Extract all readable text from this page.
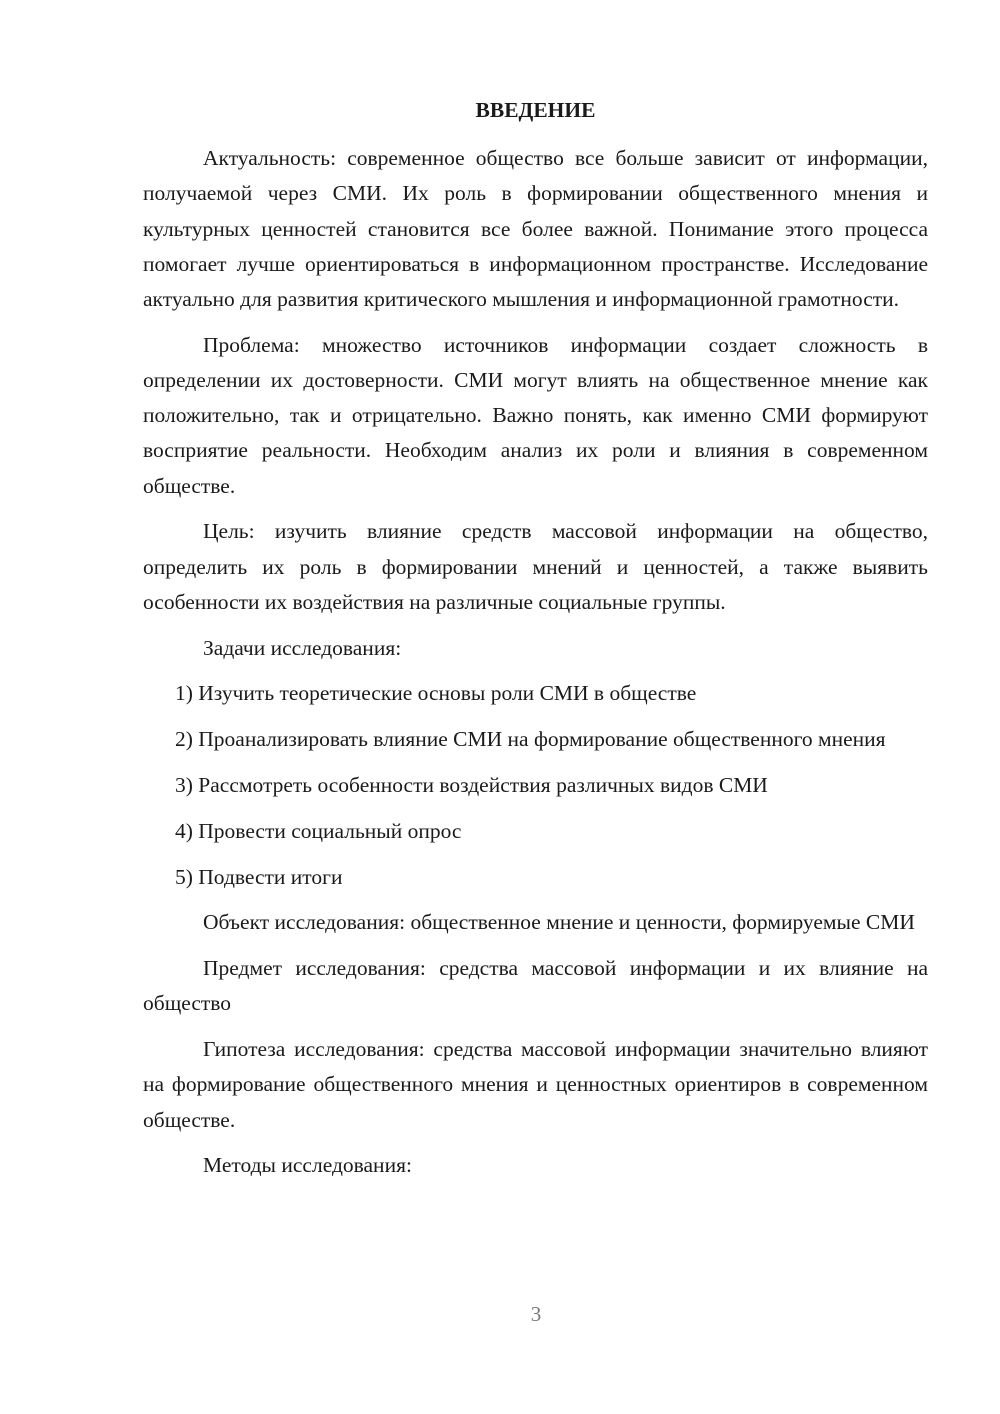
ВВЕДЕНИЕ

Актуальность: современное общество все больше зависит от информации, получаемой через СМИ. Их роль в формировании общественного мнения и культурных ценностей становится все более важной. Понимание этого процесса помогает лучше ориентироваться в информационном пространстве. Исследование актуально для развития критического мышления и информационной грамотности.

Проблема: множество источников информации создает сложность в определении их достоверности. СМИ могут влиять на общественное мнение как положительно, так и отрицательно. Важно понять, как именно СМИ формируют восприятие реальности. Необходим анализ их роли и влияния в современном обществе.

Цель: изучить влияние средств массовой информации на общество, определить их роль в формировании мнений и ценностей, а также выявить особенности их воздействия на различные социальные группы.

Задачи исследования:

1) Изучить теоретические основы роли СМИ в обществе

2) Проанализировать влияние СМИ на формирование общественного мнения

3) Рассмотреть особенности воздействия различных видов СМИ

4) Провести социальный опрос

5) Подвести итоги

Объект исследования: общественное мнение и ценности, формируемые СМИ

Предмет исследования: средства массовой информации и их влияние на общество

Гипотеза исследования: средства массовой информации значительно влияют на формирование общественного мнения и ценностных ориентиров в современном обществе.

Методы исследования:

3
